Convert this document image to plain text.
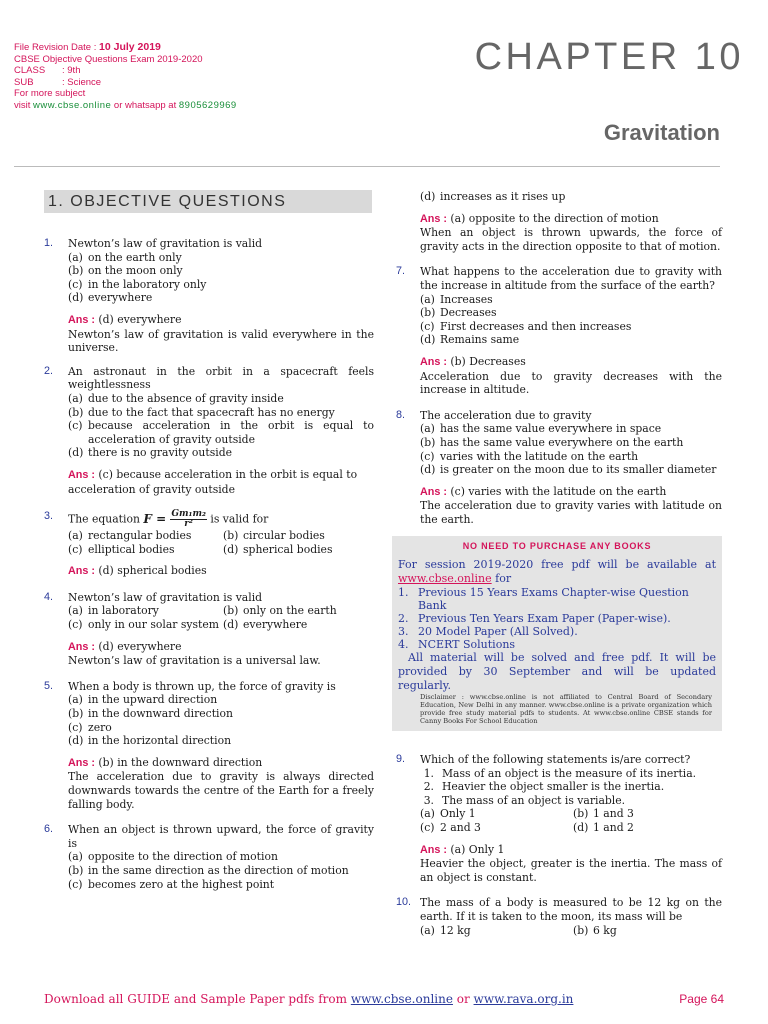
File Revision Date : 10 July 2019
CBSE Objective Questions Exam 2019-2020
CLASS : 9th
SUB	: Science
For more subject
visit www.cbse.online or whatsapp at 8905629969
CHAPTER 10
Gravitation
1. OBJECTIVE QUESTIONS
1. Newton’s law of gravitation is valid
(a) on the earth only
(b) on the moon only
(c) in the laboratory only
(d) everywhere
Ans : (d) everywhere
Newton’s law of gravitation is valid everywhere in the universe.
2. An astronaut in the orbit in a spacecraft feels weightlessness
(a) due to the absence of gravity inside
(b) due to the fact that spacecraft has no energy
(c) because acceleration in the orbit is equal to acceleration of gravity outside
(d) there is no gravity outside
Ans : (c) because acceleration in the orbit is equal to acceleration of gravity outside
3. The equation $F = \frac{\text{Gm₁m₂}}{\text{r²}}$ is valid for
(a) rectangular bodies	(b) circular bodies
(c) elliptical bodies	(d) spherical bodies
Ans : (d) spherical bodies
4. Newton’s law of gravitation is valid
(a) in laboratory	(b) only on the earth
(c) only in our solar system (d) everywhere
Ans : (d) everywhere
Newton’s law of gravitation is a universal law.
5. When a body is thrown up, the force of gravity is
(a) in the upward direction
(b) in the downward direction
(c) zero
(d) in the horizontal direction
Ans : (b) in the downward direction
The acceleration due to gravity is always directed downwards towards the centre of the Earth for a freely falling body.
6. When an object is thrown upward, the force of gravity is
(a) opposite to the direction of motion
(b) in the same direction as the direction of motion
(c) becomes zero at the highest point
(d) increases as it rises up
Ans : (a) opposite to the direction of motion
When an object is thrown upwards, the force of gravity acts in the direction opposite to that of motion.
7. What happens to the acceleration due to gravity with the increase in altitude from the surface of the earth?
(a) Increases
(b) Decreases
(c) First decreases and then increases
(d) Remains same
Ans : (b) Decreases
Acceleration due to gravity decreases with the increase in altitude.
8. The acceleration due to gravity
(a) has the same value everywhere in space
(b) has the same value everywhere on the earth
(c) varies with the latitude on the earth
(d) is greater on the moon due to its smaller diameter
Ans : (c) varies with the latitude on the earth
The acceleration due to gravity varies with latitude on the earth.
NO NEED TO PURCHASE ANY BOOKS
For session 2019-2020 free pdf will be available at www.cbse.online for
1. Previous 15 Years Exams Chapter-wise Question Bank
2. Previous Ten Years Exam Paper (Paper-wise).
3. 20 Model Paper (All Solved).
4. NCERT Solutions
All material will be solved and free pdf. It will be provided by 30 September and will be updated regularly.
Disclaimer : www.cbse.online is not affiliated to Central Board of Secondary Education, New Delhi in any manner. www.cbse.online is a private organization which provide free study material pdfs to students. At www.cbse.online CBSE stands for Canny Books For School Education
9. Which of the following statements is/are correct?
1. Mass of an object is the measure of its inertia.
2. Heavier the object smaller is the inertia.
3. The mass of an object is variable.
(a) Only 1	(b) 1 and 3
(c) 2 and 3	(d) 1 and 2
Ans : (a) Only 1
Heavier the object, greater is the inertia. The mass of an object is constant.
10. The mass of a body is measured to be 12 kg on the earth. If it is taken to the moon, its mass will be
(a) 12 kg	(b) 6 kg
Download all GUIDE and Sample Paper pdfs from www.cbse.online or www.rava.org.in	Page 64
